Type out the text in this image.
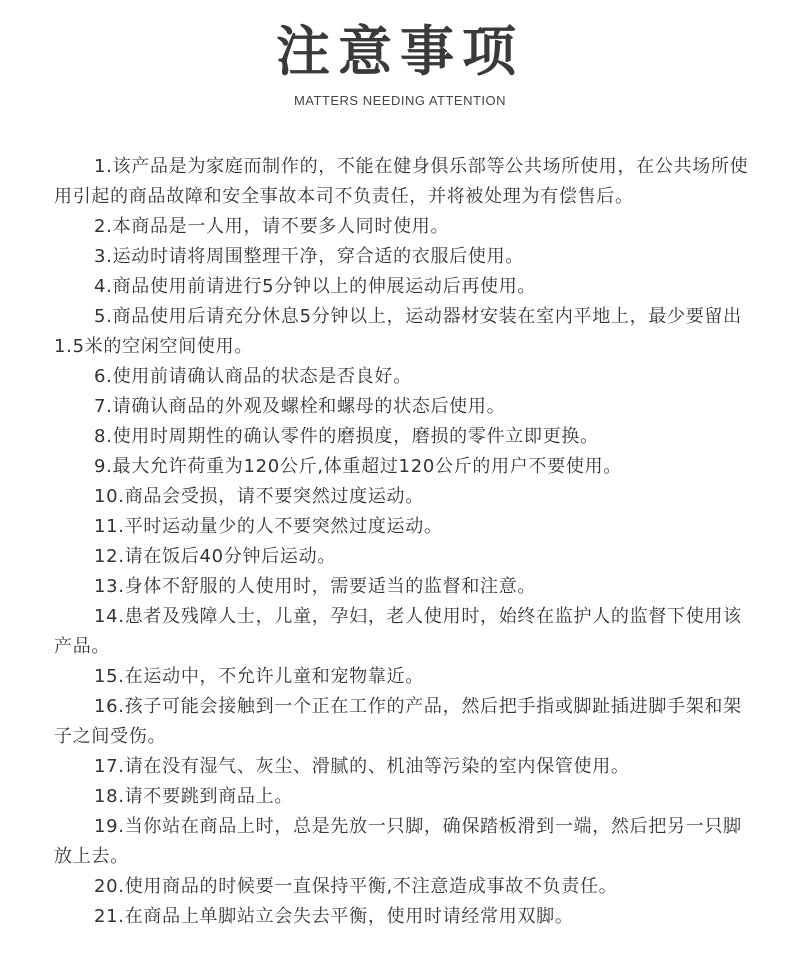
注意事项
MATTERS NEEDING ATTENTION
1.该产品是为家庭而制作的，不能在健身俱乐部等公共场所使用，在公共场所使用引起的商品故障和安全事故本司不负责任，并将被处理为有偿售后。
2.本商品是一人用，请不要多人同时使用。
3.运动时请将周围整理干净，穿合适的衣服后使用。
4.商品使用前请进行5分钟以上的伸展运动后再使用。
5.商品使用后请充分休息5分钟以上，运动器材安装在室内平地上，最少要留出1.5米的空闲空间使用。
6.使用前请确认商品的状态是否良好。
7.请确认商品的外观及螺栓和螺母的状态后使用。
8.使用时周期性的确认零件的磨损度，磨损的零件立即更换。
9.最大允许荷重为120公斤,体重超过120公斤的用户不要使用。
10.商品会受损，请不要突然过度运动。
11.平时运动量少的人不要突然过度运动。
12.请在饭后40分钟后运动。
13.身体不舒服的人使用时，需要适当的监督和注意。
14.患者及残障人士，儿童，孕妇，老人使用时，始终在监护人的监督下使用该产品。
15.在运动中，不允许儿童和宠物靠近。
16.孩子可能会接触到一个正在工作的产品，然后把手指或脚趾插进脚手架和架子之间受伤。
17.请在没有湿气、灰尘、滑腻的、机油等污染的室内保管使用。
18.请不要跳到商品上。
19.当你站在商品上时，总是先放一只脚，确保踏板滑到一端，然后把另一只脚放上去。
20.使用商品的时候要一直保持平衡,不注意造成事故不负责任。
21.在商品上单脚站立会失去平衡，使用时请经常用双脚。
